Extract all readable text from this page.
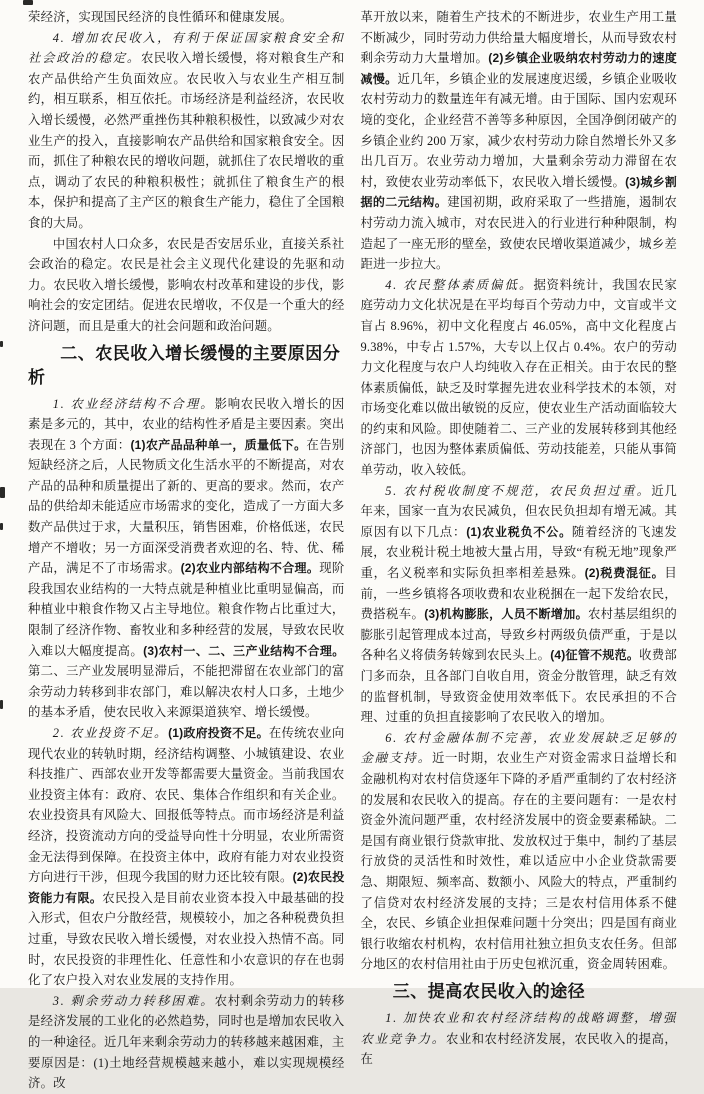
荣经济，实现国民经济的良性循环和健康发展。

4. 增加农民收入，有利于保证国家粮食安全和社会政治的稳定。农民收入增长缓慢，将对粮食生产和农产品供给产生负面效应。农民收入与农业生产相互制约，相互联系，相互依托。市场经济是利益经济，农民收入增长缓慢，必然严重挫伤其种粮积极性，以致减少对农业生产的投入，直接影响农产品供给和国家粮食安全。因而，抓住了种粮农民的增收问题，就抓住了农民增收的重点，调动了农民的种粮积极性；就抓住了粮食生产的根本，保护和提高了主产区的粮食生产能力，稳住了全国粮食的大局。

中国农村人口众多，农民是否安居乐业，直接关系社会政治的稳定。农民是社会主义现代化建设的先驱和动力。农民收入增长缓慢，影响农村改革和建设的步伐，影响社会的安定团结。促进农民增收，不仅是一个重大的经济问题，而且是重大的社会问题和政治问题。

二、农民收入增长缓慢的主要原因分析

1. 农业经济结构不合理。影响农民收入增长的因素是多元的，其中，农业的结构性矛盾是主要因素。突出表现在 3 个方面：(1)农产品品种单一，质量低下。在告别短缺经济之后，人民物质文化生活水平的不断提高，对农产品的品种和质量提出了新的、更高的要求。然而，农产品的供给却未能适应市场需求的变化，造成了一方面大多数产品供过于求，大量积压，销售困难，价格低迷，农民增产不增收；另一方面深受消费者欢迎的名、特、优、稀产品，满足不了市场需求。(2)农业内部结构不合理。现阶段我国农业结构的一大特点就是种植业比重明显偏高，而种植业中粮食作物又占主导地位。粮食作物占比重过大，限制了经济作物、畜牧业和多种经营的发展，导致农民收入难以大幅度提高。(3)农村一、二、三产业结构不合理。第二、三产业发展明显滞后，不能把滞留在农业部门的富余劳动力转移到非农部门，难以解决农村人口多，土地少的基本矛盾，使农民收入来源渠道狭窄、增长缓慢。

2. 农业投资不足。(1)政府投资不足。在传统农业向现代农业的转轨时期，经济结构调整、小城镇建设、农业科技推广、西部农业开发等都需要大量资金。当前我国农业投资主体有：政府、农民、集体合作组织和有关企业。农业投资具有风险大、回报低等特点。而市场经济是利益经济，投资流动方向的受益导向性十分明显，农业所需资金无法得到保障。在投资主体中，政府有能力对农业投资方向进行干涉，但现今我国的财力还比较有限。(2)农民投资能力有限。农民投入是目前农业资本投入中最基础的投入形式，但农户分散经营，规模较小，加之各种税费负担过重，导致农民收入增长缓慢，对农业投入热情不高。同时，农民投资的非理性化、任意性和小农意识的存在也弱化了农户投入对农业发展的支持作用。

3. 剩余劳动力转移困难。农村剩余劳动力的转移是经济发展的工业化的必然趋势，同时也是增加农民收入的一种途径。近几年来剩余劳动力的转移越来越困难，主要原因是：(1)土地经营规模越来越小，难以实现规模经济。改

革开放以来，随着生产技术的不断进步，农业生产用工量不断减少，同时劳动力供给量大幅度增长，从而导致农村剩余劳动力大量增加。(2)乡镇企业吸纳农村劳动力的速度减慢。近几年，乡镇企业的发展速度迟缓，乡镇企业吸收农村劳动力的数量连年有减无增。由于国际、国内宏观环境的变化，企业经营不善等多种原因，全国净倒闭破产的乡镇企业约 200 万家，减少农村劳动力除自然增长外又多出几百万。农业劳动力增加，大量剩余劳动力滞留在农村，致使农业劳动率低下，农民收入增长缓慢。(3)城乡割据的二元结构。建国初期，政府采取了一些措施，遏制农村劳动力流入城市，对农民进入的行业进行种种限制，构造起了一座无形的壁垒，致使农民增收渠道减少，城乡差距进一步拉大。

4. 农民整体素质偏低。据资料统计，我国农民家庭劳动力文化状况是在平均每百个劳动力中，文盲或半文盲占 8.96%，初中文化程度占 46.05%，高中文化程度占 9.38%，中专占 1.57%，大专以上仅占 0.4%。农户的劳动力文化程度与农户人均纯收入存在正相关。由于农民的整体素质偏低，缺乏及时掌握先进农业科学技术的本领，对市场变化难以做出敏锐的反应，使农业生产活动面临较大的约束和风险。即使随着二、三产业的发展转移到其他经济部门，也因为整体素质偏低、劳动技能差，只能从事简单劳动，收入较低。

5. 农村税收制度不规范，农民负担过重。近几年来，国家一直为农民减负，但农民负担却有增无减。其原因有以下几点：(1)农业税负不公。随着经济的飞速发展，农业税计税土地被大量占用，导致“有税无地”现象严重，名义税率和实际负担率相差悬殊。(2)税费混征。目前，一些乡镇将各项收费和农业税捆在一起下发给农民，费搭税车。(3)机构膨胀，人员不断增加。农村基层组织的膨胀引起管理成本过高，导致乡村两级负债严重，于是以各种名义将债务转嫁到农民头上。(4)征管不规范。收费部门多而杂，且各部门自收自用，资金分散管理，缺乏有效的监督机制，导致资金使用效率低下。农民承担的不合理、过重的负担直接影响了农民收入的增加。

6. 农村金融体制不完善，农业发展缺乏足够的金融支持。近一时期，农业生产对资金需求日益增长和金融机构对农村信贷逐年下降的矛盾严重制约了农村经济的发展和农民收入的提高。存在的主要问题有：一是农村资金外流问题严重，农村经济发展中的资金要素稀缺。二是国有商业银行贷款审批、发放权过于集中，制约了基层行放贷的灵活性和时效性，难以适应中小企业贷款需要急、期限短、频率高、数额小、风险大的特点，严重制约了信贷对农村经济发展的支持；三是农村信用体系不健全，农民、乡镇企业担保难问题十分突出；四是国有商业银行收缩农村机构，农村信用社独立担负支农任务。但部分地区的农村信用社由于历史包袱沉重，资金周转困难。

三、提高农民收入的途径

1. 加快农业和农村经济结构的战略调整，增强农业竞争力。农业和农村经济发展，农民收入的提高，在
